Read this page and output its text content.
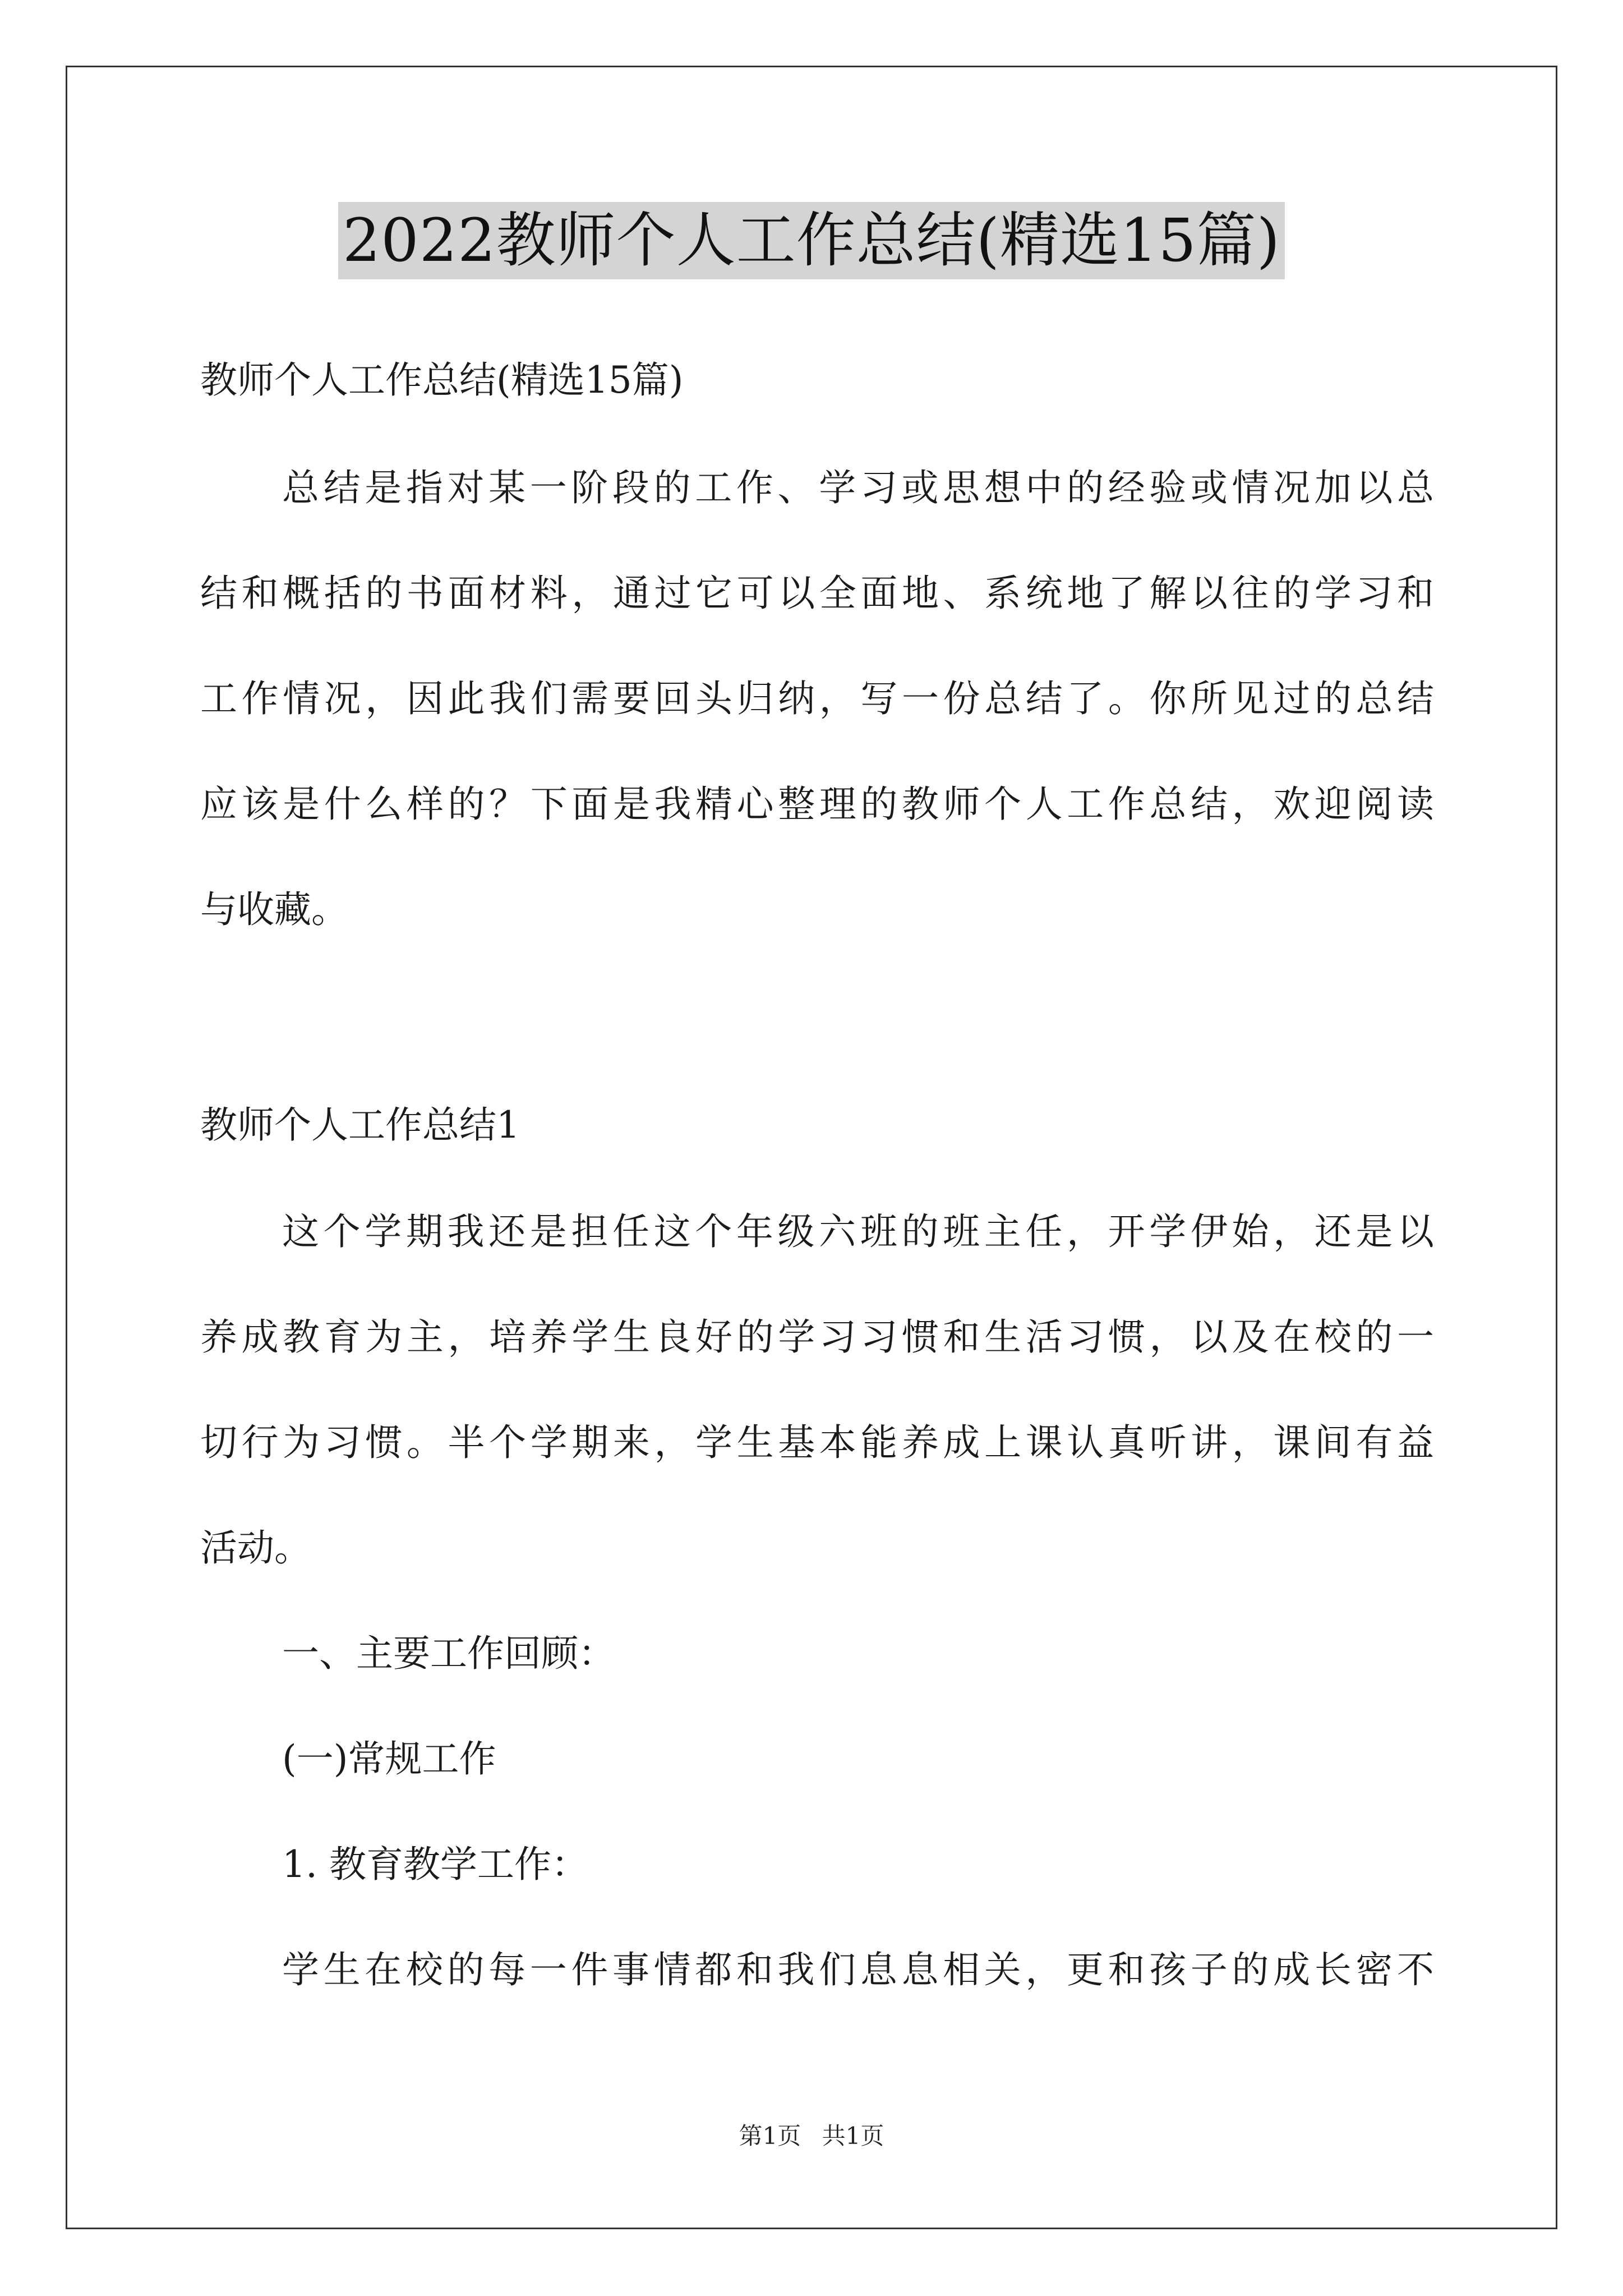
2022教师个人工作总结(精选15篇)
教师个人工作总结(精选15篇)
总结是指对某一阶段的工作、学习或思想中的经验或情况加以总
结和概括的书面材料，通过它可以全面地、系统地了解以往的学习和
工作情况，因此我们需要回头归纳，写一份总结了。你所见过的总结
应该是什么样的？下面是我精心整理的教师个人工作总结，欢迎阅读
与收藏。
教师个人工作总结1
这个学期我还是担任这个年级六班的班主任，开学伊始，还是以
养成教育为主，培养学生良好的学习习惯和生活习惯，以及在校的一
切行为习惯。半个学期来，学生基本能养成上课认真听讲，课间有益
活动。
一、主要工作回顾：
(一)常规工作
1. 教育教学工作：
学生在校的每一件事情都和我们息息相关，更和孩子的成长密不
第1页 共1页
